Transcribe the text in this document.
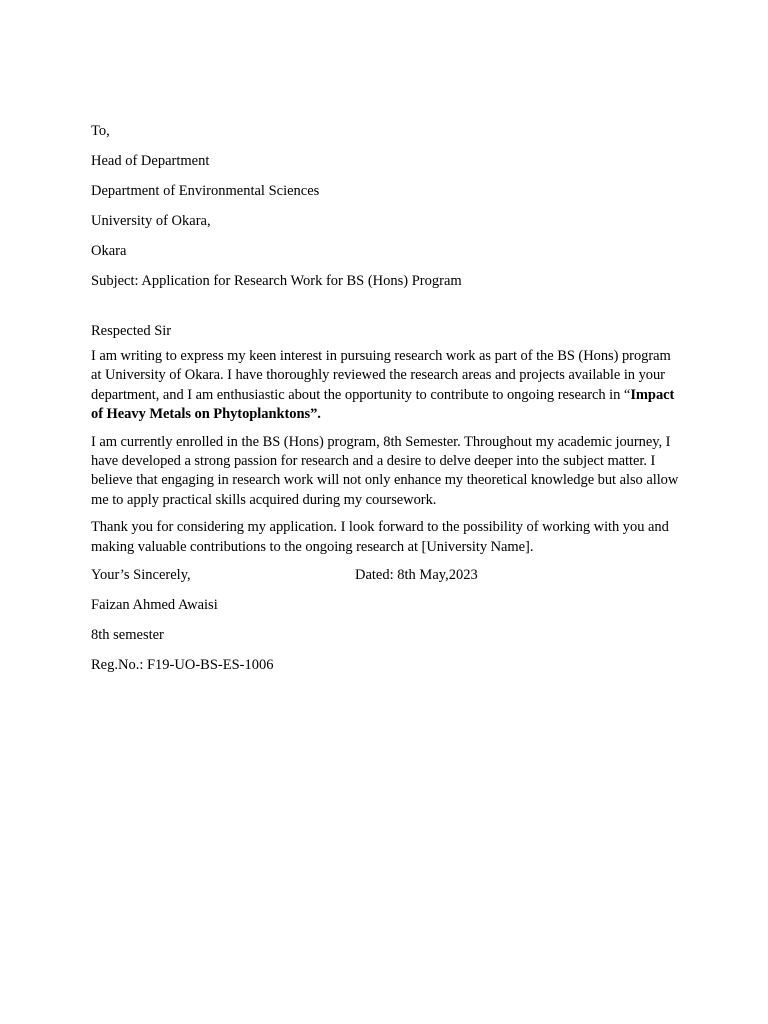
To,

Head of Department

Department of Environmental Sciences

University of Okara,

Okara

Subject: Application for Research Work for BS (Hons) Program

Respected Sir

I am writing to express my keen interest in pursuing research work as part of the BS (Hons) program at University of Okara. I have thoroughly reviewed the research areas and projects available in your department, and I am enthusiastic about the opportunity to contribute to ongoing research in “Impact of Heavy Metals on Phytoplanktons”.

I am currently enrolled in the BS (Hons) program, 8th Semester. Throughout my academic journey, I have developed a strong passion for research and a desire to delve deeper into the subject matter. I believe that engaging in research work will not only enhance my theoretical knowledge but also allow me to apply practical skills acquired during my coursework.

Thank you for considering my application. I look forward to the possibility of working with you and making valuable contributions to the ongoing research at [University Name].

Your’s Sincerely,	Dated: 8th May,2023

Faizan Ahmed Awaisi

8th semester

Reg.No.: F19-UO-BS-ES-1006
